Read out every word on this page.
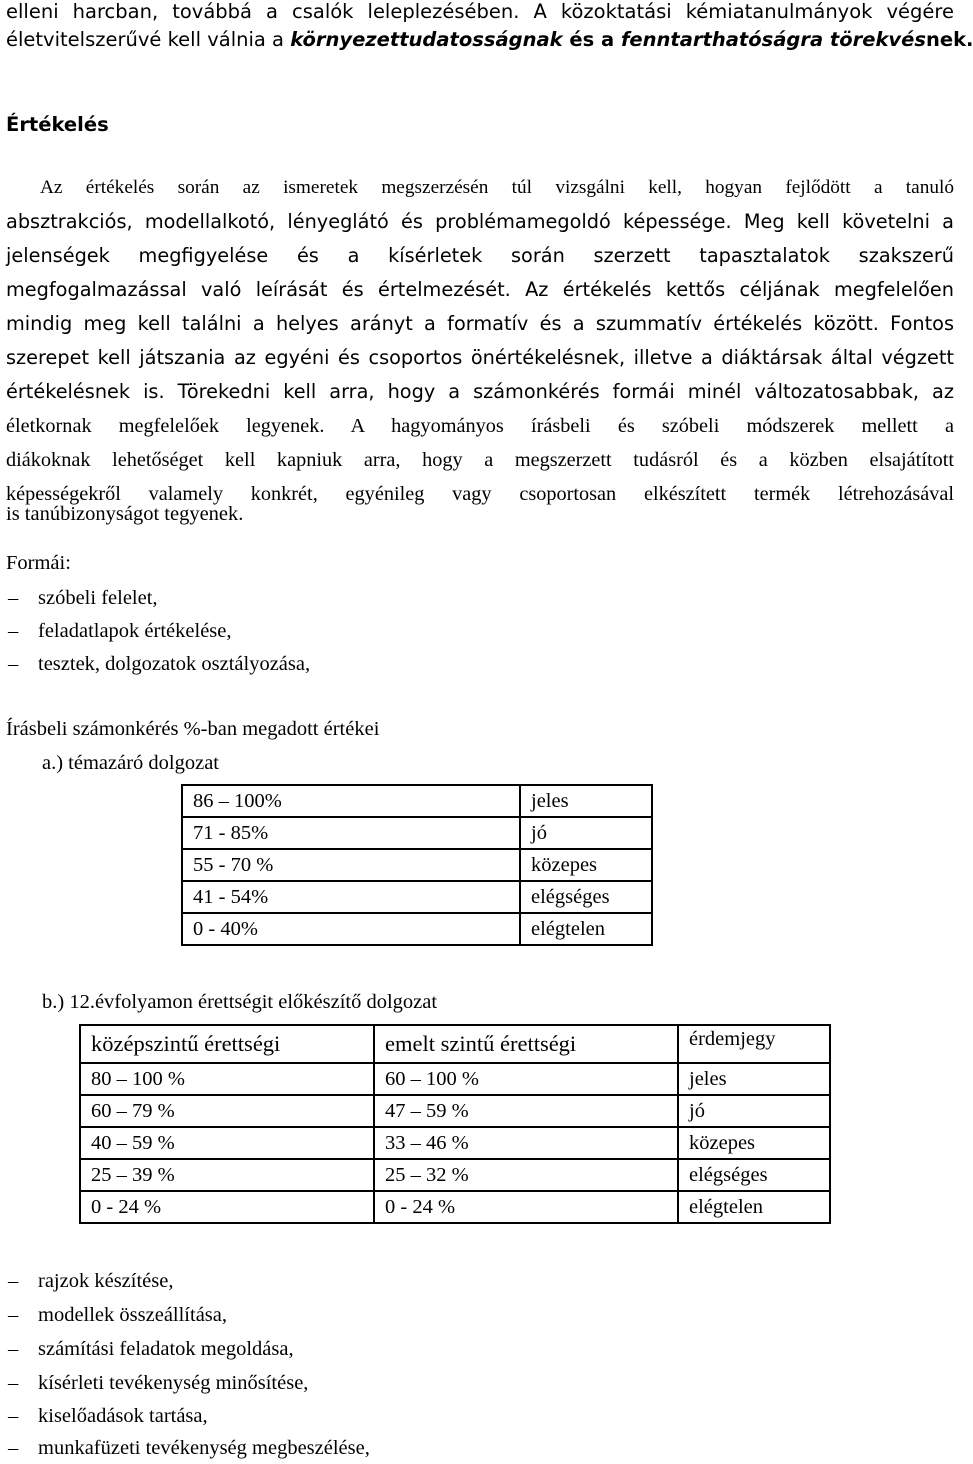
elleni harcban, továbbá a csalók leleplezésében. A közoktatási kémiatanulmányok végére
életvitelszerűvé kell válnia a környezettudatosságnak és a fenntarthatóságra törekvésnek.
Értékelés
Az értékelés során az ismeretek megszerzésén túl vizsgálni kell, hogyan fejlődött a tanuló
absztrakciós, modellalkotó, lényeglátó és problémamegoldó képessége. Meg kell követelni a
jelenségek megfigyelése és a kísérletek során szerzett tapasztalatok szakszerű
megfogalmazással való leírását és értelmezését. Az értékelés kettős céljának megfelelően
mindig meg kell találni a helyes arányt a formatív és a szummatív értékelés között. Fontos
szerepet kell játszania az egyéni és csoportos önértékelésnek, illetve a diáktársak által végzett
értékelésnek is. Törekedni kell arra, hogy a számonkérés formái minél változatosabbak, az
életkornak megfelelőek legyenek. A hagyományos írásbeli és szóbeli módszerek mellett a
diákoknak lehetőséget kell kapniuk arra, hogy a megszerzett tudásról és a közben elsajátított
képességekről valamely konkrét, egyénileg vagy csoportosan elkészített termék létrehozásával
is tanúbizonyságot tegyenek.
Formái:
– szóbeli felelet,
– feladatlapok értékelése,
– tesztek, dolgozatok osztályozása,
Írásbeli számonkérés %-ban megadott értékei
a.) témazáró dolgozat
86 – 100%	jeles
71 - 85%	jó
55 - 70 %	közepes
41 - 54%	elégséges
0 - 40%	elégtelen
b.) 12.évfolyamon érettségit előkészítő dolgozat
középszintű érettségi	emelt szintű érettségi	érdemjegy
80 – 100 %	60 – 100 %	jeles
60 – 79 %	47 – 59 %	jó
40 – 59 %	33 – 46 %	közepes
25 – 39 %	25 – 32 %	elégséges
0 - 24 %	0 - 24 %	elégtelen
– rajzok készítése,
– modellek összeállítása,
– számítási feladatok megoldása,
– kísérleti tevékenység minősítése,
– kiselőadások tartása,
– munkafüzeti tevékenység megbeszélése,
